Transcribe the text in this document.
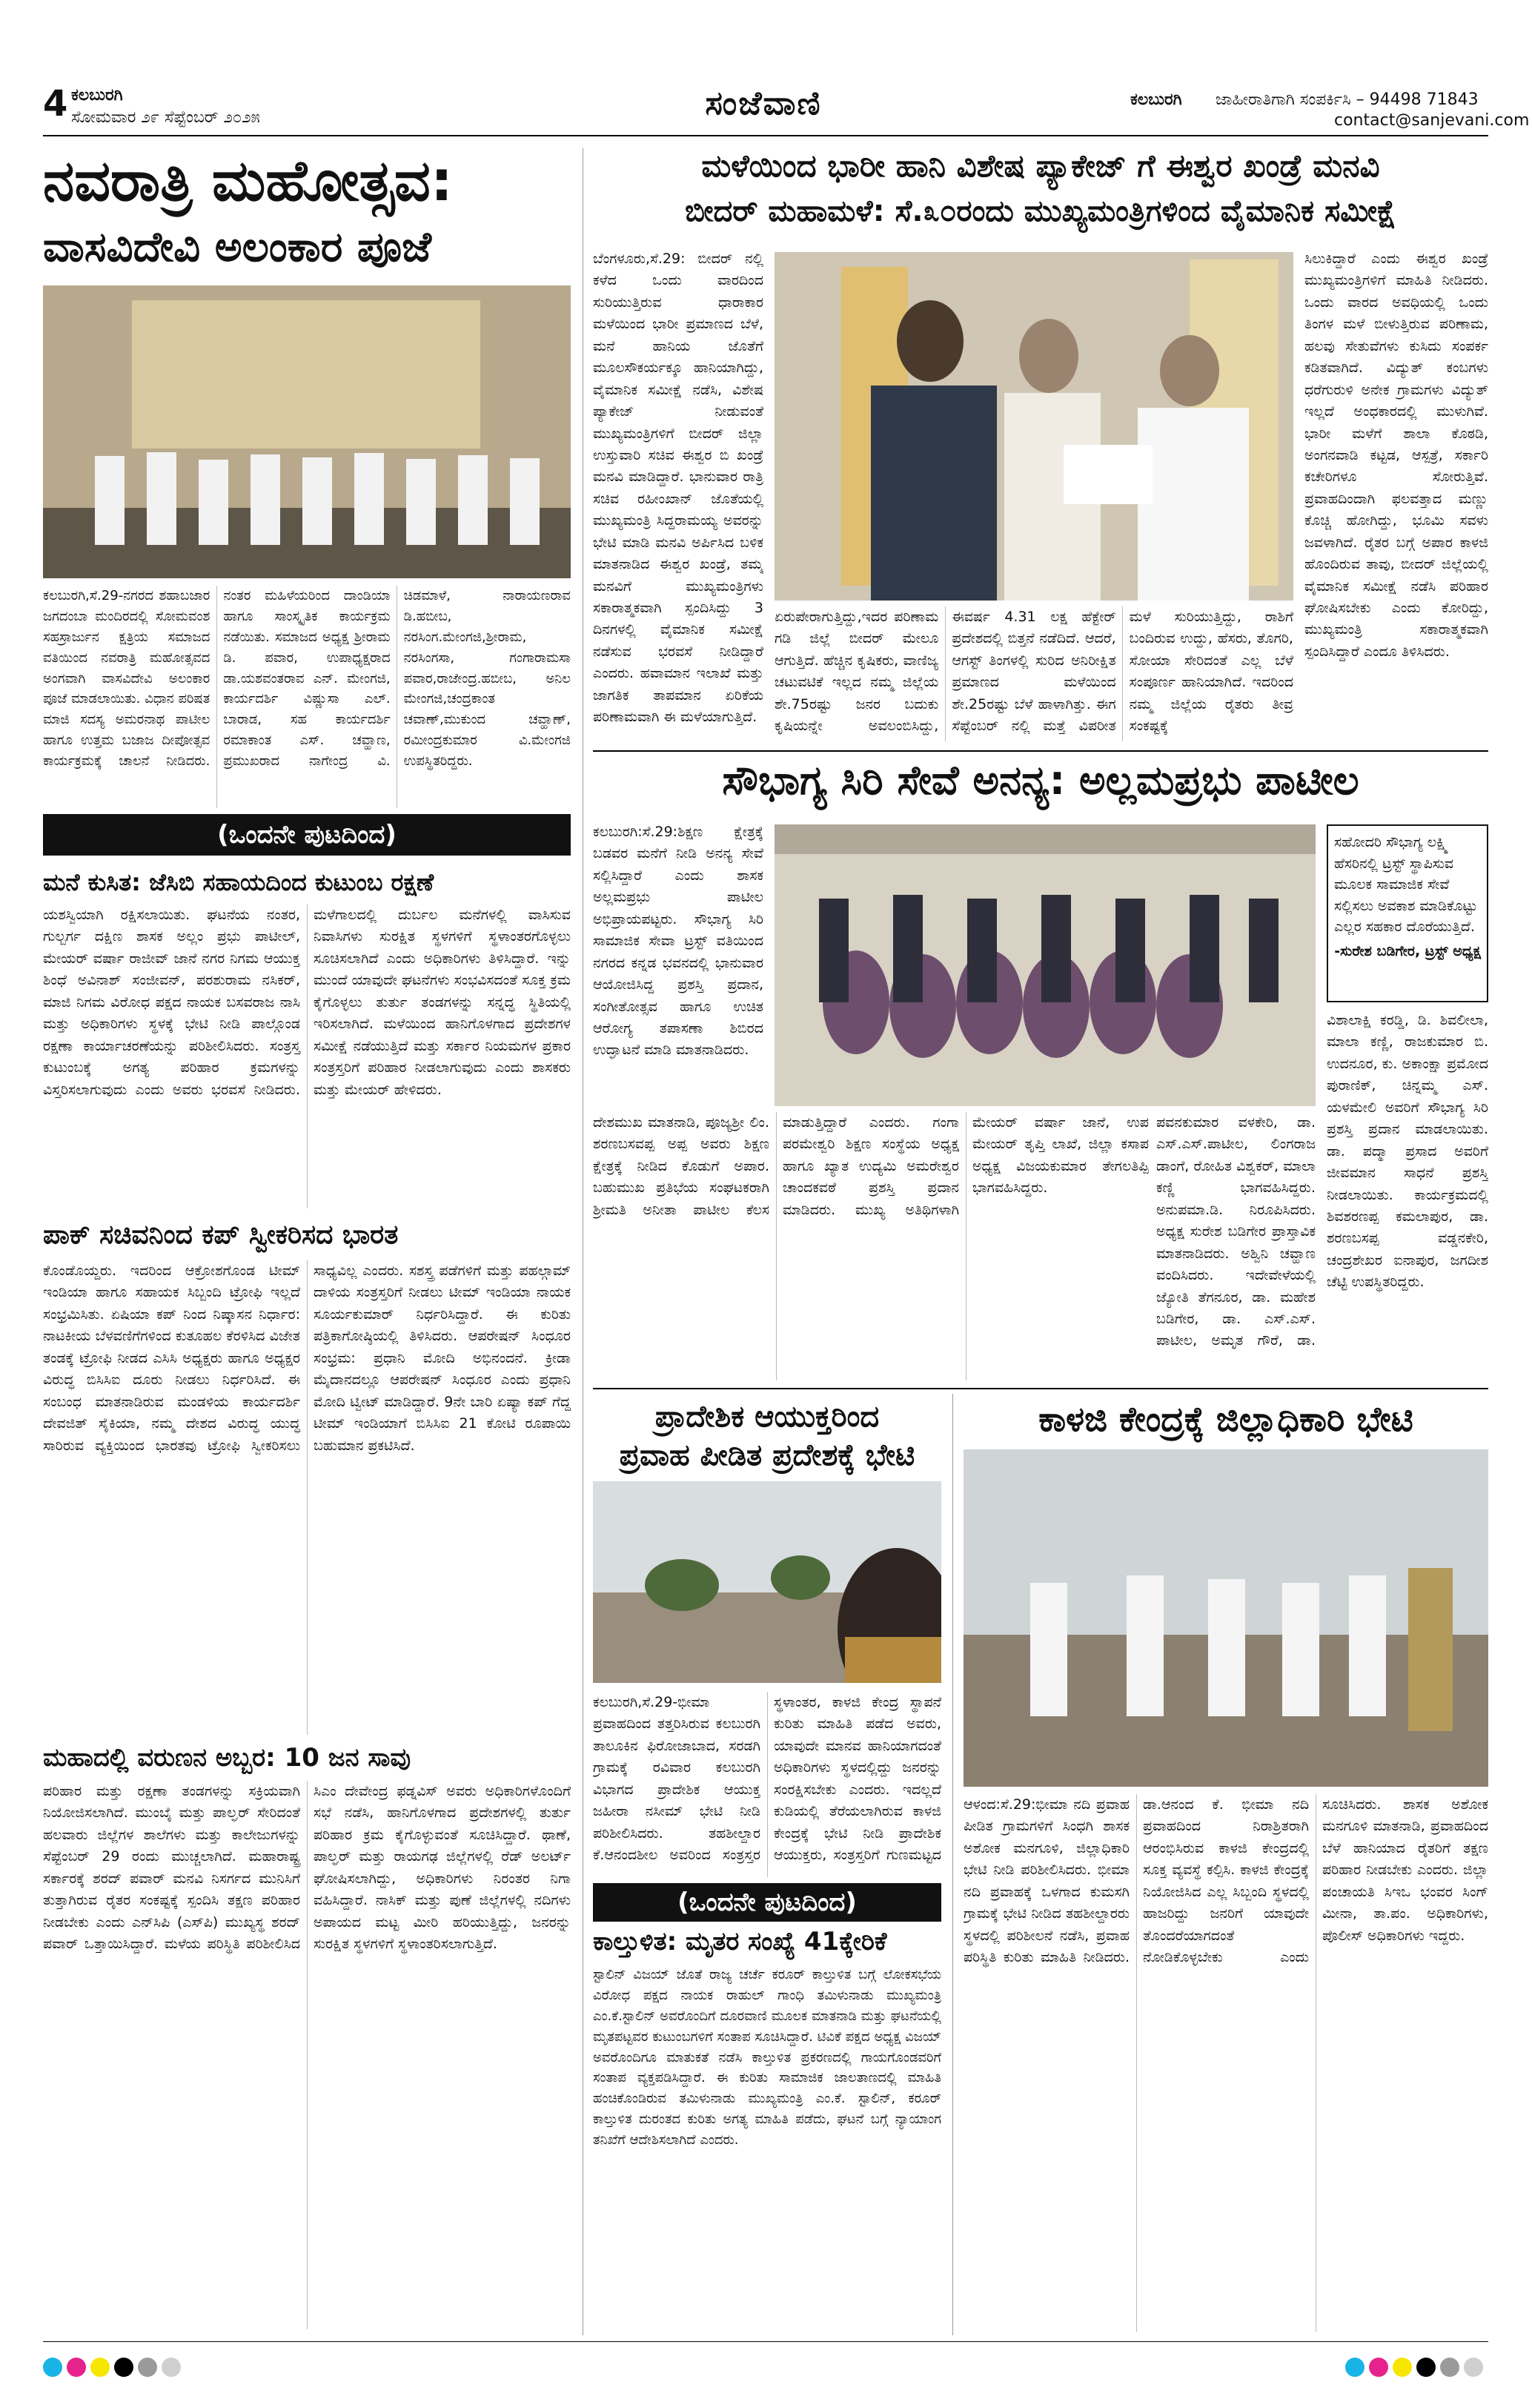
4 ಕಲಬುರಗಿ
ಸೋಮವಾರ ೨೯ ಸೆಪ್ಟೆಂಬರ್ ೨೦೨೫	ಸಂಜೆವಾಣಿ	ಕಲಬುರಗಿ ಜಾಹೀರಾತಿಗಾಗಿ ಸಂಪರ್ಕಿಸಿ – 94498 71843
contact@sanjevani.com
ನವರಾತ್ರಿ ಮಹೋತ್ಸವ:
ವಾಸವಿದೇವಿ ಅಲಂಕಾರ ಪೂಜೆ
ಕಲಬುರಗಿ,ಸೆ.29-ನಗರದ ಶಹಾಬಜಾರ ಜಗದಂಬಾ ಮಂದಿರದಲ್ಲಿ ಸೋಮವಂಶ ಸಹಸ್ರಾರ್ಜುನ ಕ್ಷತ್ರಿಯ ಸಮಾಜದ ವತಿಯಿಂದ ನವರಾತ್ರಿ ಮಹೋತ್ಸವದ ಅಂಗವಾಗಿ ವಾಸವಿದೇವಿ ಅಲಂಕಾರ ಪೂಜೆ ಮಾಡಲಾಯಿತು. ವಿಧಾನ ಪರಿಷತ ಮಾಜಿ ಸದಸ್ಯ ಅಮರನಾಥ ಪಾಟೀಲ ಹಾಗೂ ಉತ್ತಮ ಬಜಾಜ ದೀಪೋತ್ಸವ ಕಾರ್ಯಕ್ರಮಕ್ಕೆ ಚಾಲನೆ ನೀಡಿದರು. ನಂತರ ಮಹಿಳೆಯರಿಂದ ದಾಂಡಿಯಾ ಹಾಗೂ ಸಾಂಸ್ಕೃತಿಕ ಕಾರ್ಯಕ್ರಮ ನಡೆಯಿತು. ಸಮಾಜದ ಅಧ್ಯಕ್ಷ ಶ್ರೀರಾಮ ಡಿ. ಪವಾರ, ಉಪಾಧ್ಯಕ್ಷರಾದ ಡಾ.ಯಶವಂತರಾವ ಎನ್. ಮೇಂಗಜಿ, ಕಾರ್ಯದರ್ಶಿ ವಿಷ್ಣುಸಾ ಎಲ್. ಬಾರಾಡ, ಸಹ ಕಾರ್ಯದರ್ಶಿ ರಮಾಕಾಂತ ಎಸ್. ಚವ್ಹಾಣ, ಪ್ರಮುಖರಾದ ನಾಗೇಂದ್ರ ವಿ. ಚಿಡಮಾಳೆ, ನಾರಾಯಣರಾವ ಡಿ.ಹಬೀಬ, ನರಸಿಂಗ.ಮೇಂಗಜಿ,ಶ್ರೀರಾಮ, ನರಸಿಂಗಸಾ, ಗಂಗಾರಾಮಸಾ ಪವಾರ,ರಾಜೇಂದ್ರ.ಹಬೀಬ, ಅನಿಲ ಮೇಂಗಜಿ,ಚಂದ್ರಕಾಂತ ಚವಾಣ್,ಮುಕುಂದ ಚವ್ಹಾಣ್, ರಮೀಂದ್ರಕುಮಾರ ವಿ.ಮೇಂಗಜಿ ಉಪಸ್ಥಿತರಿದ್ದರು.
(ಒಂದನೇ ಪುಟದಿಂದ)
ಮನೆ ಕುಸಿತ: ಜೆಸಿಬಿ ಸಹಾಯದಿಂದ ಕುಟುಂಬ ರಕ್ಷಣೆ
ಯಶಸ್ವಿಯಾಗಿ ರಕ್ಷಿಸಲಾಯಿತು. ಘಟನೆಯ ನಂತರ, ಗುಲ್ಬರ್ಗ ದಕ್ಷಿಣ ಶಾಸಕ ಅಲ್ಲಂ ಪ್ರಭು ಪಾಟೀಲ್, ಮೇಯರ್ ವರ್ಷಾ ರಾಜೀವ್ ಜಾನೆ ನಗರ ನಿಗಮ ಆಯುಕ್ತ ಶಿಂಧೆ ಅವಿನಾಶ್ ಸಂಜೀವನ್, ಪರಶುರಾಮ ನಸಿಕರ್, ಮಾಜಿ ನಿಗಮ ವಿರೋಧ ಪಕ್ಷದ ನಾಯಕ ಬಸವರಾಜ ನಾಸಿ ಮತ್ತು ಅಧಿಕಾರಿಗಳು ಸ್ಥಳಕ್ಕೆ ಭೇಟಿ ನೀಡಿ ಪಾಲ್ಗೊಂಡ ರಕ್ಷಣಾ ಕಾರ್ಯಾಚರಣೆಯನ್ನು ಪರಿಶೀಲಿಸಿದರು. ಸಂತ್ರಸ್ತ ಕುಟುಂಬಕ್ಕೆ ಅಗತ್ಯ ಪರಿಹಾರ ಕ್ರಮಗಳನ್ನು ವಿಸ್ತರಿಸಲಾಗುವುದು ಎಂದು ಅವರು ಭರವಸೆ ನೀಡಿದರು. ಮಳೆಗಾಲದಲ್ಲಿ ದುರ್ಬಲ ಮನೆಗಳಲ್ಲಿ ವಾಸಿಸುವ ನಿವಾಸಿಗಳು ಸುರಕ್ಷಿತ ಸ್ಥಳಗಳಿಗೆ ಸ್ಥಳಾಂತರಗೊಳ್ಳಲು ಸೂಚಿಸಲಾಗಿದೆ ಎಂದು ಅಧಿಕಾರಿಗಳು ತಿಳಿಸಿದ್ದಾರೆ. ಇನ್ನು ಮುಂದೆ ಯಾವುದೇ ಘಟನೆಗಳು ಸಂಭವಿಸದಂತೆ ಸೂಕ್ತ ಕ್ರಮ ಕೈಗೊಳ್ಳಲು ತುರ್ತು ತಂಡಗಳನ್ನು ಸನ್ನದ್ಧ ಸ್ಥಿತಿಯಲ್ಲಿ ಇರಿಸಲಾಗಿದೆ. ಮಳೆಯಿಂದ ಹಾನಿಗೊಳಗಾದ ಪ್ರದೇಶಗಳ ಸಮೀಕ್ಷೆ ನಡೆಯುತ್ತಿದೆ ಮತ್ತು ಸರ್ಕಾರ ನಿಯಮಗಳ ಪ್ರಕಾರ ಸಂತ್ರಸ್ತರಿಗೆ ಪರಿಹಾರ ನೀಡಲಾಗುವುದು ಎಂದು ಶಾಸಕರು ಮತ್ತು ಮೇಯರ್ ಹೇಳಿದರು.
ಪಾಕ್ ಸಚಿವನಿಂದ ಕಪ್ ಸ್ವೀಕರಿಸದ ಭಾರತ
ಕೊಂಡೊಯ್ದರು. ಇದರಿಂದ ಆಕ್ರೋಶಗೊಂಡ ಟೀಮ್ ಇಂಡಿಯಾ ಹಾಗೂ ಸಹಾಯಕ ಸಿಬ್ಬಂದಿ ಟ್ರೋಫಿ ಇಲ್ಲದೆ ಸಂಭ್ರಮಿಸಿತು. ಏಷಿಯಾ ಕಪ್ ನಿಂದ ನಿಷ್ಕಾಸನ ನಿರ್ಧಾರ: ನಾಟಕೀಯ ಬೆಳವಣಿಗೆಗಳಿಂದ ಕುತೂಹಲ ಕೆರಳಿಸಿದ ವಿಜೇತ ತಂಡಕ್ಕೆ ಟ್ರೋಫಿ ನೀಡದ ಎಸಿಸಿ ಅಧ್ಯಕ್ಷರು ಹಾಗೂ ಅಧ್ಯಕ್ಷರ ವಿರುದ್ಧ ಬಿಸಿಸಿಐ ದೂರು ನೀಡಲು ನಿರ್ಧರಿಸಿದೆ. ಈ ಸಂಬಂಧ ಮಾತನಾಡಿರುವ ಮಂಡಳಿಯ ಕಾರ್ಯದರ್ಶಿ ದೇವಜಿತ್ ಸೈಕಿಯಾ, ನಮ್ಮ ದೇಶದ ವಿರುದ್ಧ ಯುದ್ಧ ಸಾರಿರುವ ವ್ಯಕ್ತಿಯಿಂದ ಭಾರತವು ಟ್ರೋಫಿ ಸ್ವೀಕರಿಸಲು ಸಾಧ್ಯವಿಲ್ಲ ಎಂದರು. ಸಶಸ್ತ್ರ ಪಡೆಗಳಿಗೆ ಮತ್ತು ಪಹಲ್ಗಾಮ್ ದಾಳಿಯ ಸಂತ್ರಸ್ತರಿಗೆ ನೀಡಲು ಟೀಮ್ ಇಂಡಿಯಾ ನಾಯಕ ಸೂರ್ಯಕುಮಾರ್ ನಿರ್ಧರಿಸಿದ್ದಾರೆ. ಈ ಕುರಿತು ಪತ್ರಿಕಾಗೋಷ್ಠಿಯಲ್ಲಿ ತಿಳಿಸಿದರು. ಆಪರೇಷನ್ ಸಿಂಧೂರ ಸಂಭ್ರಮ: ಪ್ರಧಾನಿ ಮೋದಿ ಅಭಿನಂದನೆ. ಕ್ರೀಡಾ ಮೈದಾನದಲ್ಲೂ ಆಪರೇಷನ್ ಸಿಂಧೂರ ಎಂದು ಪ್ರಧಾನಿ ಮೋದಿ ಟ್ವೀಟ್ ಮಾಡಿದ್ದಾರೆ. 9ನೇ ಬಾರಿ ಏಷ್ಯಾ ಕಪ್ ಗೆದ್ದ ಟೀಮ್ ಇಂಡಿಯಾಗೆ ಬಿಸಿಸಿಐ 21 ಕೋಟಿ ರೂಪಾಯಿ ಬಹುಮಾನ ಪ್ರಕಟಿಸಿದೆ.
ಮಹಾದಲ್ಲಿ ವರುಣನ ಅಬ್ಬರ: 10 ಜನ ಸಾವು
ಪರಿಹಾರ ಮತ್ತು ರಕ್ಷಣಾ ತಂಡಗಳನ್ನು ಸಕ್ರಿಯವಾಗಿ ನಿಯೋಜಿಸಲಾಗಿದೆ. ಮುಂಬೈ ಮತ್ತು ಪಾಲ್ಘರ್ ಸೇರಿದಂತೆ ಹಲವಾರು ಜಿಲ್ಲೆಗಳ ಶಾಲೆಗಳು ಮತ್ತು ಕಾಲೇಜುಗಳನ್ನು ಸೆಪ್ಟೆಂಬರ್ 29 ರಂದು ಮುಚ್ಚಲಾಗಿದೆ. ಮಹಾರಾಷ್ಟ್ರ ಸರ್ಕಾರಕ್ಕೆ ಶರದ್ ಪವಾರ್ ಮನವಿ ನಿಸರ್ಗದ ಮುನಿಸಿಗೆ ತುತ್ತಾಗಿರುವ ರೈತರ ಸಂಕಷ್ಟಕ್ಕೆ ಸ್ಪಂದಿಸಿ ತಕ್ಷಣ ಪರಿಹಾರ ನೀಡಬೇಕು ಎಂದು ಎನ್‌ಸಿಪಿ (ಎಸ್‌ಪಿ) ಮುಖ್ಯಸ್ಥ ಶರದ್ ಪವಾರ್ ಒತ್ತಾಯಿಸಿದ್ದಾರೆ. ಮಳೆಯ ಪರಿಸ್ಥಿತಿ ಪರಿಶೀಲಿಸಿದ ಸಿಎಂ ದೇವೇಂದ್ರ ಫಡ್ನವಿಸ್ ಅವರು ಅಧಿಕಾರಿಗಳೊಂದಿಗೆ ಸಭೆ ನಡೆಸಿ, ಹಾನಿಗೊಳಗಾದ ಪ್ರದೇಶಗಳಲ್ಲಿ ತುರ್ತು ಪರಿಹಾರ ಕ್ರಮ ಕೈಗೊಳ್ಳುವಂತೆ ಸೂಚಿಸಿದ್ದಾರೆ. ಥಾಣೆ, ಪಾಲ್ಘರ್ ಮತ್ತು ರಾಯಗಢ ಜಿಲ್ಲೆಗಳಲ್ಲಿ ರೆಡ್ ಅಲರ್ಟ್ ಘೋಷಿಸಲಾಗಿದ್ದು, ಅಧಿಕಾರಿಗಳು ನಿರಂತರ ನಿಗಾ ವಹಿಸಿದ್ದಾರೆ. ನಾಸಿಕ್ ಮತ್ತು ಪುಣೆ ಜಿಲ್ಲೆಗಳಲ್ಲಿ ನದಿಗಳು ಅಪಾಯದ ಮಟ್ಟ ಮೀರಿ ಹರಿಯುತ್ತಿದ್ದು, ಜನರನ್ನು ಸುರಕ್ಷಿತ ಸ್ಥಳಗಳಿಗೆ ಸ್ಥಳಾಂತರಿಸಲಾಗುತ್ತಿದೆ.
ಮಳೆಯಿಂದ ಭಾರೀ ಹಾನಿ ವಿಶೇಷ ಪ್ಯಾಕೇಜ್ ಗೆ ಈಶ್ವರ ಖಂಡ್ರೆ ಮನವಿ
ಬೀದರ್ ಮಹಾಮಳೆ: ಸೆ.೩೦ರಂದು ಮುಖ್ಯಮಂತ್ರಿಗಳಿಂದ ವೈಮಾನಿಕ ಸಮೀಕ್ಷೆ
ಬೆಂಗಳೂರು,ಸೆ.29: ಬೀದರ್ ನಲ್ಲಿ ಕಳೆದ ಒಂದು ವಾರದಿಂದ ಸುರಿಯುತ್ತಿರುವ ಧಾರಾಕಾರ ಮಳೆಯಿಂದ ಭಾರೀ ಪ್ರಮಾಣದ ಬೆಳೆ, ಮನೆ ಹಾನಿಯ ಜೊತೆಗೆ ಮೂಲಸೌಕರ್ಯಕ್ಕೂ ಹಾನಿಯಾಗಿದ್ದು, ವೈಮಾನಿಕ ಸಮೀಕ್ಷೆ ನಡೆಸಿ, ವಿಶೇಷ ಪ್ಯಾಕೇಜ್ ನೀಡುವಂತೆ ಮುಖ್ಯಮಂತ್ರಿಗಳಿಗೆ ಬೀದರ್ ಜಿಲ್ಲಾ ಉಸ್ತುವಾರಿ ಸಚಿವ ಈಶ್ವರ ಬಿ ಖಂಡ್ರೆ ಮನವಿ ಮಾಡಿದ್ದಾರೆ. ಭಾನುವಾರ ರಾತ್ರಿ ಸಚಿವ ರಹೀಂಖಾನ್ ಜೊತೆಯಲ್ಲಿ ಮುಖ್ಯಮಂತ್ರಿ ಸಿದ್ದರಾಮಯ್ಯ ಅವರನ್ನು ಭೇಟಿ ಮಾಡಿ ಮನವಿ ಅರ್ಪಿಸಿದ ಬಳಿಕ ಮಾತನಾಡಿದ ಈಶ್ವರ ಖಂಡ್ರೆ, ತಮ್ಮ ಮನವಿಗೆ ಮುಖ್ಯಮಂತ್ರಿಗಳು ಸಕಾರಾತ್ಮಕವಾಗಿ ಸ್ಪಂದಿಸಿದ್ದು 3 ದಿನಗಳಲ್ಲಿ ವೈಮಾನಿಕ ಸಮೀಕ್ಷೆ ನಡೆಸುವ ಭರವಸೆ ನೀಡಿದ್ದಾರೆ ಎಂದರು. ಹವಾಮಾನ ಇಲಾಖೆ ಮತ್ತು ಜಾಗತಿಕ ತಾಪಮಾನ ಏರಿಕೆಯ ಪರಿಣಾಮವಾಗಿ ಈ ಮಳೆಯಾಗುತ್ತಿದೆ.
ಏರುಪೇರಾಗುತ್ತಿದ್ದು,ಇದರ ಪರಿಣಾಮ ಗಡಿ ಜಿಲ್ಲೆ ಬೀದರ್ ಮೇಲೂ ಆಗುತ್ತಿದೆ. ಹೆಚ್ಚಿನ ಕೃಷಿಕರು, ವಾಣಿಜ್ಯ ಚಟುವಟಿಕೆ ಇಲ್ಲದ ನಮ್ಮ ಜಿಲ್ಲೆಯ ಶೇ.75ರಷ್ಟು ಜನರ ಬದುಕು ಕೃಷಿಯನ್ನೇ ಅವಲಂಬಿಸಿದ್ದು, ಈವರ್ಷ 4.31 ಲಕ್ಷ ಹೆಕ್ಟೇರ್ ಪ್ರದೇಶದಲ್ಲಿ ಬಿತ್ತನೆ ನಡೆದಿದೆ. ಆದರೆ, ಆಗಸ್ಟ್ ತಿಂಗಳಲ್ಲಿ ಸುರಿದ ಅನಿರೀಕ್ಷಿತ ಪ್ರಮಾಣದ ಮಳೆಯಿಂದ ಶೇ.25ರಷ್ಟು ಬೆಳೆ ಹಾಳಾಗಿತ್ತು. ಈಗ ಸೆಪ್ಟೆಂಬರ್ ನಲ್ಲಿ ಮತ್ತೆ ವಿಪರೀತ ಮಳೆ ಸುರಿಯುತ್ತಿದ್ದು, ರಾಶಿಗೆ ಬಂದಿರುವ ಉದ್ದು, ಹೆಸರು, ತೊಗರಿ, ಸೋಯಾ ಸೇರಿದಂತೆ ಎಲ್ಲ ಬೆಳೆ ಸಂಪೂರ್ಣ ಹಾನಿಯಾಗಿದೆ. ಇದರಿಂದ ನಮ್ಮ ಜಿಲ್ಲೆಯ ರೈತರು ತೀವ್ರ ಸಂಕಷ್ಟಕ್ಕೆ
ಸಿಲುಕಿದ್ದಾರೆ ಎಂದು ಈಶ್ವರ ಖಂಡ್ರೆ ಮುಖ್ಯಮಂತ್ರಿಗಳಿಗೆ ಮಾಹಿತಿ ನೀಡಿದರು. ಒಂದು ವಾರದ ಅವಧಿಯಲ್ಲಿ ಒಂದು ತಿಂಗಳ ಮಳೆ ಬೀಳುತ್ತಿರುವ ಪರಿಣಾಮ, ಹಲವು ಸೇತುವೆಗಳು ಕುಸಿದು ಸಂಪರ್ಕ ಕಡಿತವಾಗಿದೆ. ವಿದ್ಯುತ್ ಕಂಬಗಳು ಧರೆಗುರುಳಿ ಅನೇಕ ಗ್ರಾಮಗಳು ವಿದ್ಯುತ್ ಇಲ್ಲದೆ ಅಂಧಕಾರದಲ್ಲಿ ಮುಳುಗಿವೆ. ಭಾರೀ ಮಳೆಗೆ ಶಾಲಾ ಕೊಠಡಿ, ಅಂಗನವಾಡಿ ಕಟ್ಟಡ, ಆಸ್ಪತ್ರೆ, ಸರ್ಕಾರಿ ಕಚೇರಿಗಳೂ ಸೋರುತ್ತಿವೆ. ಪ್ರವಾಹದಿಂದಾಗಿ ಫಲವತ್ತಾದ ಮಣ್ಣು ಕೊಚ್ಚಿ ಹೋಗಿದ್ದು, ಭೂಮಿ ಸವಳು ಜವಳಾಗಿದೆ. ರೈತರ ಬಗ್ಗೆ ಅಪಾರ ಕಾಳಜಿ ಹೊಂದಿರುವ ತಾವು, ಬೀದರ್ ಜಿಲ್ಲೆಯಲ್ಲಿ ವೈಮಾನಿಕ ಸಮೀಕ್ಷೆ ನಡೆಸಿ ಪರಿಹಾರ ಘೋಷಿಸಬೇಕು ಎಂದು ಕೋರಿದ್ದು, ಮುಖ್ಯಮಂತ್ರಿ ಸಕಾರಾತ್ಮಕವಾಗಿ ಸ್ಪಂದಿಸಿದ್ದಾರೆ ಎಂದೂ ತಿಳಿಸಿದರು.
ಸೌಭಾಗ್ಯ ಸಿರಿ ಸೇವೆ ಅನನ್ಯ: ಅಲ್ಲಮಪ್ರಭು ಪಾಟೀಲ
ಕಲಬುರಗಿ:ಸೆ.29:ಶಿಕ್ಷಣ ಕ್ಷೇತ್ರಕ್ಕೆ ಬಡವರ ಮನೆಗೆ ನೀಡಿ ಅನನ್ಯ ಸೇವೆ ಸಲ್ಲಿಸಿದ್ದಾರೆ ಎಂದು ಶಾಸಕ ಅಲ್ಲಮಪ್ರಭು ಪಾಟೀಲ ಅಭಿಪ್ರಾಯಪಟ್ಟರು. ಸೌಭಾಗ್ಯ ಸಿರಿ ಸಾಮಾಜಿಕ ಸೇವಾ ಟ್ರಸ್ಟ್ ವತಿಯಿಂದ ನಗರದ ಕನ್ನಡ ಭವನದಲ್ಲಿ ಭಾನುವಾರ ಆಯೋಜಿಸಿದ್ದ ಪ್ರಶಸ್ತಿ ಪ್ರದಾನ, ಸಂಗೀತೋತ್ಸವ ಹಾಗೂ ಉಚಿತ ಆರೋಗ್ಯ ತಪಾಸಣಾ ಶಿಬಿರದ ಉದ್ಘಾಟನೆ ಮಾಡಿ ಮಾತನಾಡಿದರು.
ಸಹೋದರಿ ಸೌಭಾಗ್ಯ ಲಕ್ಷ್ಮಿ ಹೆಸರಿನಲ್ಲಿ ಟ್ರಸ್ಟ್ ಸ್ಥಾಪಿಸುವ ಮೂಲಕ ಸಾಮಾಜಿಕ ಸೇವೆ ಸಲ್ಲಿಸಲು ಅವಕಾಶ ಮಾಡಿಕೊಟ್ಟು ಎಲ್ಲರ ಸಹಕಾರ ದೊರೆಯುತ್ತಿದೆ.
-ಸುರೇಶ ಬಡಿಗೇರ, ಟ್ರಸ್ಟ್ ಅಧ್ಯಕ್ಷ
ವಿಶಾಲಾಕ್ಷಿ ಕರಡ್ಡಿ, ಡಿ. ಶಿವಲೀಲಾ, ಮಾಲಾ ಕಣ್ಣಿ, ರಾಜಕುಮಾರ ಬಿ. ಉದನೂರ, ಕು. ಅಕಾಂಕ್ಷಾ ಪ್ರಮೋದ ಪುರಾಣಿಕ್, ಚಿನ್ನಮ್ಮ ಎಸ್. ಯಳಮೇಲಿ ಅವರಿಗೆ ಸೌಭಾಗ್ಯ ಸಿರಿ ಪ್ರಶಸ್ತಿ ಪ್ರದಾನ ಮಾಡಲಾಯಿತು. ಡಾ. ಪದ್ಮಾ ಪ್ರಸಾದ ಅವರಿಗೆ ಜೀವಮಾನ ಸಾಧನೆ ಪ್ರಶಸ್ತಿ ನೀಡಲಾಯಿತು. ಕಾರ್ಯಕ್ರಮದಲ್ಲಿ ಶಿವಶರಣಪ್ಪ ಕಮಲಾಪುರ, ಡಾ. ಶರಣಬಸಪ್ಪ ವಡ್ಡನಕೇರಿ, ಚಂದ್ರಶೇಖರ ಐನಾಪುರ, ಜಗದೀಶ ಚೆಟ್ಟಿ ಉಪಸ್ಥಿತರಿದ್ದರು.
ದೇಶಮುಖ ಮಾತನಾಡಿ, ಪೂಜ್ಯಶ್ರೀ ಲಿಂ. ಶರಣಬಸವಪ್ಪ ಅಪ್ಪ ಅವರು ಶಿಕ್ಷಣ ಕ್ಷೇತ್ರಕ್ಕೆ ನೀಡಿದ ಕೊಡುಗೆ ಅಪಾರ. ಬಹುಮುಖ ಪ್ರತಿಭೆಯ ಸಂಘಟಕರಾಗಿ ಶ್ರೀಮತಿ ಅನೀತಾ ಪಾಟೀಲ ಕೆಲಸ ಮಾಡುತ್ತಿದ್ದಾರೆ ಎಂದರು. ಗಂಗಾ ಪರಮೇಶ್ವರಿ ಶಿಕ್ಷಣ ಸಂಸ್ಥೆಯ ಅಧ್ಯಕ್ಷ ಹಾಗೂ ಖ್ಯಾತ ಉದ್ಯಮಿ ಅಮರೇಶ್ವರ ಚಾಂದಕವಠೆ ಪ್ರಶಸ್ತಿ ಪ್ರದಾನ ಮಾಡಿದರು. ಮುಖ್ಯ ಅತಿಥಿಗಳಾಗಿ ಮೇಯರ್ ವರ್ಷಾ ಜಾನೆ, ಉಪ ಮೇಯರ್ ತೃಪ್ತಿ ಲಾಖೆ, ಜಿಲ್ಲಾ ಕಸಾಪ ಅಧ್ಯಕ್ಷ ವಿಜಯಕುಮಾರ ತೇಗಲತಿಪ್ಪಿ ಭಾಗವಹಿಸಿದ್ದರು.
ಪವನಕುಮಾರ ವಳಕೇರಿ, ಡಾ. ಎಸ್.ಎಸ್.ಪಾಟೀಲ, ಲಿಂಗರಾಜ ಡಾಂಗೆ, ರೋಹಿತ ವಿಶ್ವಕರ್, ಮಾಲಾ ಕಣ್ಣಿ ಭಾಗವಹಿಸಿದ್ದರು. ಅನುಪಮಾ.ಡಿ. ನಿರೂಪಿಸಿದರು. ಅಧ್ಯಕ್ಷ ಸುರೇಶ ಬಡಿಗೇರ ಪ್ರಾಸ್ತಾವಿಕ ಮಾತನಾಡಿದರು. ಅಶ್ವಿನಿ ಚವ್ಹಾಣ ವಂದಿಸಿದರು. ಇದೇವೇಳೆಯಲ್ಲಿ ಜ್ಯೋತಿ ತೆಗನೂರ, ಡಾ. ಮಹೇಶ ಬಡಿಗೇರ, ಡಾ. ಎಸ್.ಎಸ್. ಪಾಟೀಲ, ಅಮೃತ ಗೌರೆ, ಡಾ.
ಪ್ರಾದೇಶಿಕ ಆಯುಕ್ತರಿಂದ
ಪ್ರವಾಹ ಪೀಡಿತ ಪ್ರದೇಶಕ್ಕೆ ಭೇಟಿ
ಕಲಬುರಗಿ,ಸೆ.29-ಭೀಮಾ ಪ್ರವಾಹದಿಂದ ತತ್ತರಿಸಿರುವ ಕಲಬುರಗಿ ತಾಲೂಕಿನ ಫಿರೋಜಾಬಾದ, ಸರಡಗಿ ಗ್ರಾಮಕ್ಕೆ ರವಿವಾರ ಕಲಬುರಗಿ ವಿಭಾಗದ ಪ್ರಾದೇಶಿಕ ಆಯುಕ್ತ ಜಹೀರಾ ನಸೀಮ್ ಭೇಟಿ ನೀಡಿ ಪರಿಶೀಲಿಸಿದರು. ತಹಶೀಲ್ದಾರ ಕೆ.ಆನಂದಶೀಲ ಅವರಿಂದ ಸಂತ್ರಸ್ತರ ಸ್ಥಳಾಂತರ, ಕಾಳಜಿ ಕೇಂದ್ರ ಸ್ಥಾಪನೆ ಕುರಿತು ಮಾಹಿತಿ ಪಡೆದ ಅವರು, ಯಾವುದೇ ಮಾನವ ಹಾನಿಯಾಗದಂತೆ ಅಧಿಕಾರಿಗಳು ಸ್ಥಳದಲ್ಲಿದ್ದು ಜನರನ್ನು ಸಂರಕ್ಷಿಸಬೇಕು ಎಂದರು. ಇದಲ್ಲದೆ ಕುಡಿಯಲ್ಲಿ ತೆರೆಯಲಾಗಿರುವ ಕಾಳಜಿ ಕೇಂದ್ರಕ್ಕೆ ಭೇಟಿ ನೀಡಿ ಪ್ರಾದೇಶಿಕ ಆಯುಕ್ತರು, ಸಂತ್ರಸ್ತರಿಗೆ ಗುಣಮಟ್ಟದ
(ಒಂದನೇ ಪುಟದಿಂದ)
ಕಾಲ್ತುಳಿತ: ಮೃತರ ಸಂಖ್ಯೆ 41ಕ್ಕೇರಿಕೆ
ಸ್ಟಾಲಿನ್ ವಿಜಯ್ ಜೊತೆ ರಾಜ್ಯ ಚರ್ಚೆ ಕರೂರ್ ಕಾಲ್ತುಳಿತ ಬಗ್ಗೆ ಲೋಕಸಭೆಯ ವಿರೋಧ ಪಕ್ಷದ ನಾಯಕ ರಾಹುಲ್ ಗಾಂಧಿ ತಮಿಳುನಾಡು ಮುಖ್ಯಮಂತ್ರಿ ಎಂ.ಕೆ.ಸ್ಟಾಲಿನ್ ಅವರೊಂದಿಗೆ ದೂರವಾಣಿ ಮೂಲಕ ಮಾತನಾಡಿ ಮತ್ತು ಘಟನೆಯಲ್ಲಿ ಮೃತಪಟ್ಟವರ ಕುಟುಂಬಗಳಿಗೆ ಸಂತಾಪ ಸೂಚಿಸಿದ್ದಾರೆ. ಟಿವಿಕೆ ಪಕ್ಷದ ಅಧ್ಯಕ್ಷ ವಿಜಯ್ ಅವರೊಂದಿಗೂ ಮಾತುಕತೆ ನಡೆಸಿ ಕಾಲ್ತುಳಿತ ಪ್ರಕರಣದಲ್ಲಿ ಗಾಯಗೊಂಡವರಿಗೆ ಸಂತಾಪ ವ್ಯಕ್ತಪಡಿಸಿದ್ದಾರೆ. ಈ ಕುರಿತು ಸಾಮಾಜಿಕ ಜಾಲತಾಣದಲ್ಲಿ ಮಾಹಿತಿ ಹಂಚಿಕೊಂಡಿರುವ ತಮಿಳುನಾಡು ಮುಖ್ಯಮಂತ್ರಿ ಎಂ.ಕೆ. ಸ್ಟಾಲಿನ್, ಕರೂರ್ ಕಾಲ್ತುಳಿತ ದುರಂತದ ಕುರಿತು ಅಗತ್ಯ ಮಾಹಿತಿ ಪಡೆದು, ಘಟನೆ ಬಗ್ಗೆ ನ್ಯಾಯಾಂಗ ತನಿಖೆಗೆ ಆದೇಶಿಸಲಾಗಿದೆ ಎಂದರು.
ಕಾಳಜಿ ಕೇಂದ್ರಕ್ಕೆ ಜಿಲ್ಲಾಧಿಕಾರಿ ಭೇಟಿ
ಆಳಂದ:ಸೆ.29:ಭೀಮಾ ನದಿ ಪ್ರವಾಹ ಪೀಡಿತ ಗ್ರಾಮಗಳಿಗೆ ಸಿಂಧಗಿ ಶಾಸಕ ಅಶೋಕ ಮನಗೂಳಿ, ಜಿಲ್ಲಾಧಿಕಾರಿ ಭೇಟಿ ನೀಡಿ ಪರಿಶೀಲಿಸಿದರು. ಭೀಮಾ ನದಿ ಪ್ರವಾಹಕ್ಕೆ ಒಳಗಾದ ಕುಮಸಗಿ ಗ್ರಾಮಕ್ಕೆ ಭೇಟಿ ನೀಡಿದ ತಹಶೀಲ್ದಾರರು ಸ್ಥಳದಲ್ಲಿ ಪರಿಶೀಲನೆ ನಡೆಸಿ, ಪ್ರವಾಹ ಪರಿಸ್ಥಿತಿ ಕುರಿತು ಮಾಹಿತಿ ನೀಡಿದರು. ಡಾ.ಆನಂದ ಕೆ. ಭೀಮಾ ನದಿ ಪ್ರವಾಹದಿಂದ ನಿರಾಶ್ರಿತರಾಗಿ ಆರಂಭಿಸಿರುವ ಕಾಳಜಿ ಕೇಂದ್ರದಲ್ಲಿ ಸೂಕ್ತ ವ್ಯವಸ್ಥೆ ಕಲ್ಪಿಸಿ. ಕಾಳಜಿ ಕೇಂದ್ರಕ್ಕೆ ನಿಯೋಜಿಸಿದ ಎಲ್ಲ ಸಿಬ್ಬಂದಿ ಸ್ಥಳದಲ್ಲಿ ಹಾಜರಿದ್ದು ಜನರಿಗೆ ಯಾವುದೇ ತೊಂದರೆಯಾಗದಂತೆ ನೋಡಿಕೊಳ್ಳಬೇಕು ಎಂದು ಸೂಚಿಸಿದರು. ಶಾಸಕ ಅಶೋಕ ಮನಗೂಳಿ ಮಾತನಾಡಿ, ಪ್ರವಾಹದಿಂದ ಬೆಳೆ ಹಾನಿಯಾದ ರೈತರಿಗೆ ತಕ್ಷಣ ಪರಿಹಾರ ನೀಡಬೇಕು ಎಂದರು. ಜಿಲ್ಲಾ ಪಂಚಾಯತಿ ಸಿಇಒ ಭಂವರ ಸಿಂಗ್ ಮೀನಾ, ತಾ.ಪಂ. ಅಧಿಕಾರಿಗಳು, ಪೊಲೀಸ್ ಅಧಿಕಾರಿಗಳು ಇದ್ದರು.
